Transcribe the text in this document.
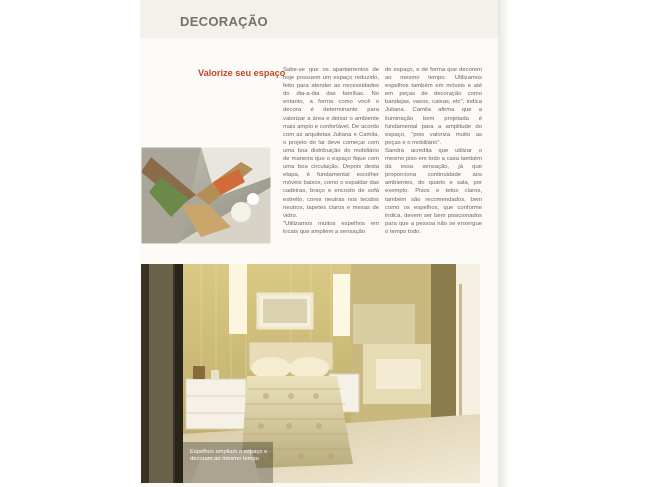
DECORAÇÃO
Valorize seu espaço

Sabe-se que os apartamentos de hoje possuem um espaço reduzido, feito para atender as necessidades do dia-a-dia das famílias. No entanto, a forma como você o decora é determinante para valorizar a área e deixar o ambiente mais amplo e confortável. De acordo com as arquitetas Juliana e Camila, o projeto do lar deve começar com uma boa distribuição do mobiliário de maneira que o espaço fique com uma boa circulação. Depois desta etapa, é fundamental escolher móveis baixos, como o espaldar das cadeiras, braço e encosto de sofá estreito, cores neutras nos tecidos neutros, tapetes claros e mesas de vidro.

"Utilizamos muitos espelhos em locais que ampliem a sensação

de espaço, e de forma que decorem ao mesmo tempo. Utilizamos espelhos também em móveis e até em peças de decoração como bandejas, vasos, caixas, etc", indica Juliana. Camila afirma que a iluminação bem projetada é fundamental para a amplitude do espaço, "pois valoriza muito as peças e o mobiliário".

Sandra acredita que utilizar o mesmo piso em todo a casa também dá essa sensação, já que proporciona continuidade aos ambientes, do quarto e sala, por exemplo. Pisos e tetos claros, também são recomendados, bem como os espelhos, que conforme indica, devem ser bem posicionados para que a pessoa não se enxergue o tempo todo.

Espelhos ampliam o espaço e

decoram ao mesmo tempo
